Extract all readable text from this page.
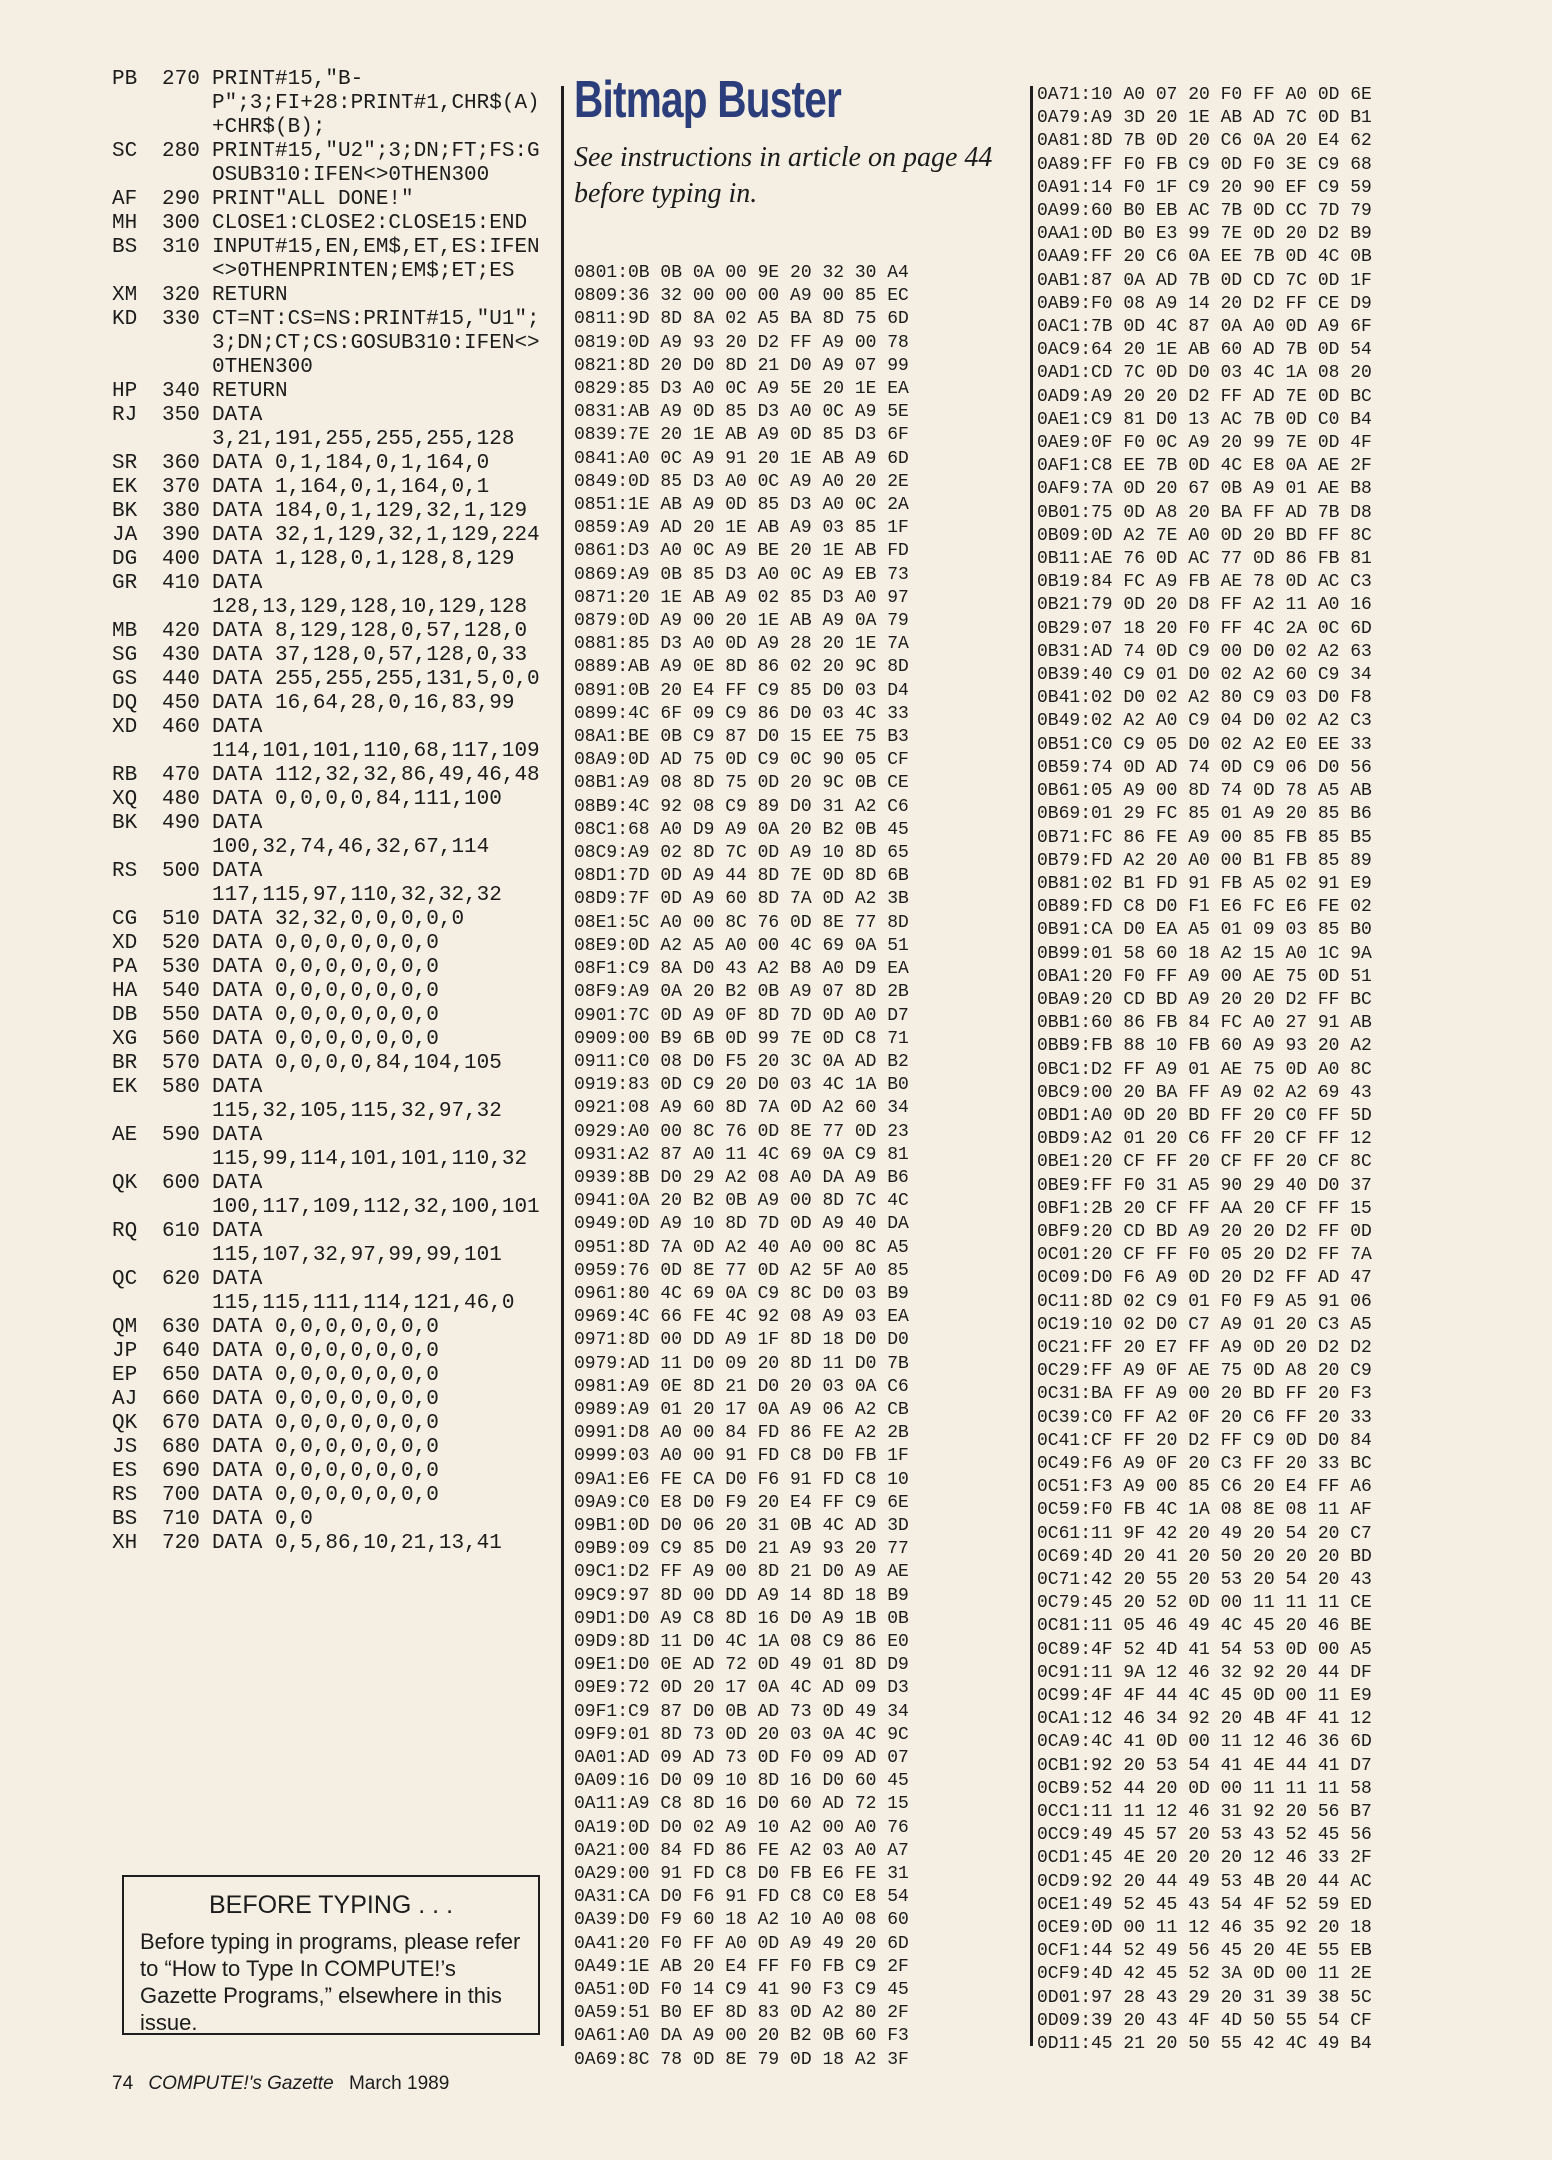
PB	270 PRINT#15,"B-P";3;FI+28:PRINT#1,CHR$(A)+CHR$(B);
SC	280 PRINT#15,"U2";3;DN;FT;FS:GOSUB310:IFEN<>0THEN300
AF	290 PRINT"ALL DONE!"
MH	300 CLOSE1:CLOSE2:CLOSE15:END
BS	310 INPUT#15,EN,EM$,ET,ES:IFEN<>0THENPRINTEN;EM$;ET;ES
XM	320 RETURN
KD	330 CT=NT:CS=NS:PRINT#15,"U1";3;DN;CT;CS:GOSUB310:IFEN<>0THEN300
HP	340 RETURN
RJ	350 DATA 3,21,191,255,255,255,128
SR	360 DATA 0,1,184,0,1,164,0
EK	370 DATA 1,164,0,1,164,0,1
BK	380 DATA 184,0,1,129,32,1,129
JA	390 DATA 32,1,129,32,1,129,224
DG	400 DATA 1,128,0,1,128,8,129
GR	410 DATA 128,13,129,128,10,129,128
MB	420 DATA 8,129,128,0,57,128,0
SG	430 DATA 37,128,0,57,128,0,33
GS	440 DATA 255,255,255,131,5,0,0
DQ	450 DATA 16,64,28,0,16,83,99
XD	460 DATA 114,101,101,110,68,117,109
RB	470 DATA 112,32,32,86,49,46,48
XQ	480 DATA 0,0,0,0,84,111,100
BK	490 DATA 100,32,74,46,32,67,114
RS	500 DATA 117,115,97,110,32,32,32
CG	510 DATA 32,32,0,0,0,0,0
XD	520 DATA 0,0,0,0,0,0,0
PA	530 DATA 0,0,0,0,0,0,0
HA	540 DATA 0,0,0,0,0,0,0
DB	550 DATA 0,0,0,0,0,0,0
XG	560 DATA 0,0,0,0,0,0,0
BR	570 DATA 0,0,0,0,84,104,105
EK	580 DATA 115,32,105,115,32,97,32
AE	590 DATA 115,99,114,101,101,110,32
QK	600 DATA 100,117,109,112,32,100,101
RQ	610 DATA 115,107,32,97,99,99,101
QC	620 DATA 115,115,111,114,121,46,0
QM	630 DATA 0,0,0,0,0,0,0
JP	640 DATA 0,0,0,0,0,0,0
EP	650 DATA 0,0,0,0,0,0,0
AJ	660 DATA 0,0,0,0,0,0,0
QK	670 DATA 0,0,0,0,0,0,0
JS	680 DATA 0,0,0,0,0,0,0
ES	690 DATA 0,0,0,0,0,0,0
RS	700 DATA 0,0,0,0,0,0,0
BS	710 DATA 0,0
XH	720 DATA 0,5,86,10,21,13,41
BEFORE TYPING . . .

Before typing in programs, please refer to “How to Type In COMPUTE!’s Gazette Programs,” elsewhere in this issue.

Bitmap Buster

See instructions in article on page 44 before typing in.

0801:0B 0B 0A 00 9E 20 32 30 A4
0809:36 32 00 00 00 A9 00 85 EC
0811:9D 8D 8A 02 A5 BA 8D 75 6D
0819:0D A9 93 20 D2 FF A9 00 78
0821:8D 20 D0 8D 21 D0 A9 07 99
0829:85 D3 A0 0C A9 5E 20 1E EA
0831:AB A9 0D 85 D3 A0 0C A9 5E
0839:7E 20 1E AB A9 0D 85 D3 6F
0841:A0 0C A9 91 20 1E AB A9 6D
0849:0D 85 D3 A0 0C A9 A0 20 2E
0851:1E AB A9 0D 85 D3 A0 0C 2A
0859:A9 AD 20 1E AB A9 03 85 1F
0861:D3 A0 0C A9 BE 20 1E AB FD
0869:A9 0B 85 D3 A0 0C A9 EB 73
0871:20 1E AB A9 02 85 D3 A0 97
0879:0D A9 00 20 1E AB A9 0A 79
0881:85 D3 A0 0D A9 28 20 1E 7A
0889:AB A9 0E 8D 86 02 20 9C 8D
0891:0B 20 E4 FF C9 85 D0 03 D4
0899:4C 6F 09 C9 86 D0 03 4C 33
08A1:BE 0B C9 87 D0 15 EE 75 B3
08A9:0D AD 75 0D C9 0C 90 05 CF
08B1:A9 08 8D 75 0D 20 9C 0B CE
08B9:4C 92 08 C9 89 D0 31 A2 C6
08C1:68 A0 D9 A9 0A 20 B2 0B 45
08C9:A9 02 8D 7C 0D A9 10 8D 65
08D1:7D 0D A9 44 8D 7E 0D 8D 6B
08D9:7F 0D A9 60 8D 7A 0D A2 3B
08E1:5C A0 00 8C 76 0D 8E 77 8D
08E9:0D A2 A5 A0 00 4C 69 0A 51
08F1:C9 8A D0 43 A2 B8 A0 D9 EA
08F9:A9 0A 20 B2 0B A9 07 8D 2B
0901:7C 0D A9 0F 8D 7D 0D A0 D7
0909:00 B9 6B 0D 99 7E 0D C8 71
0911:C0 08 D0 F5 20 3C 0A AD B2
0919:83 0D C9 20 D0 03 4C 1A B0
0921:08 A9 60 8D 7A 0D A2 60 34
0929:A0 00 8C 76 0D 8E 77 0D 23
0931:A2 87 A0 11 4C 69 0A C9 81
0939:8B D0 29 A2 08 A0 DA A9 B6
0941:0A 20 B2 0B A9 00 8D 7C 4C
0949:0D A9 10 8D 7D 0D A9 40 DA
0951:8D 7A 0D A2 40 A0 00 8C A5
0959:76 0D 8E 77 0D A2 5F A0 85
0961:80 4C 69 0A C9 8C D0 03 B9
0969:4C 66 FE 4C 92 08 A9 03 EA
0971:8D 00 DD A9 1F 8D 18 D0 D0
0979:AD 11 D0 09 20 8D 11 D0 7B
0981:A9 0E 8D 21 D0 20 03 0A C6
0989:A9 01 20 17 0A A9 06 A2 CB
0991:D8 A0 00 84 FD 86 FE A2 2B
0999:03 A0 00 91 FD C8 D0 FB 1F
09A1:E6 FE CA D0 F6 91 FD C8 10
09A9:C0 E8 D0 F9 20 E4 FF C9 6E
09B1:0D D0 06 20 31 0B 4C AD 3D
09B9:09 C9 85 D0 21 A9 93 20 77
09C1:D2 FF A9 00 8D 21 D0 A9 AE
09C9:97 8D 00 DD A9 14 8D 18 B9
09D1:D0 A9 C8 8D 16 D0 A9 1B 0B
09D9:8D 11 D0 4C 1A 08 C9 86 E0
09E1:D0 0E AD 72 0D 49 01 8D D9
09E9:72 0D 20 17 0A 4C AD 09 D3
09F1:C9 87 D0 0B AD 73 0D 49 34
09F9:01 8D 73 0D 20 03 0A 4C 9C
0A01:AD 09 AD 73 0D F0 09 AD 07
0A09:16 D0 09 10 8D 16 D0 60 45
0A11:A9 C8 8D 16 D0 60 AD 72 15
0A19:0D D0 02 A9 10 A2 00 A0 76
0A21:00 84 FD 86 FE A2 03 A0 A7
0A29:00 91 FD C8 D0 FB E6 FE 31
0A31:CA D0 F6 91 FD C8 C0 E8 54
0A39:D0 F9 60 18 A2 10 A0 08 60
0A41:20 F0 FF A0 0D A9 49 20 6D
0A49:1E AB 20 E4 FF F0 FB C9 2F
0A51:0D F0 14 C9 41 90 F3 C9 45
0A59:51 B0 EF 8D 83 0D A2 80 2F
0A61:A0 DA A9 00 20 B2 0B 60 F3
0A69:8C 78 0D 8E 79 0D 18 A2 3F
0A71:10 A0 07 20 F0 FF A0 0D 6E
0A79:A9 3D 20 1E AB AD 7C 0D B1
0A81:8D 7B 0D 20 C6 0A 20 E4 62
0A89:FF F0 FB C9 0D F0 3E C9 68
0A91:14 F0 1F C9 20 90 EF C9 59
0A99:60 B0 EB AC 7B 0D CC 7D 79
0AA1:0D B0 E3 99 7E 0D 20 D2 B9
0AA9:FF 20 C6 0A EE 7B 0D 4C 0B
0AB1:87 0A AD 7B 0D CD 7C 0D 1F
0AB9:F0 08 A9 14 20 D2 FF CE D9
0AC1:7B 0D 4C 87 0A A0 0D A9 6F
0AC9:64 20 1E AB 60 AD 7B 0D 54
0AD1:CD 7C 0D D0 03 4C 1A 08 20
0AD9:A9 20 20 D2 FF AD 7E 0D BC
0AE1:C9 81 D0 13 AC 7B 0D C0 B4
0AE9:0F F0 0C A9 20 99 7E 0D 4F
0AF1:C8 EE 7B 0D 4C E8 0A AE 2F
0AF9:7A 0D 20 67 0B A9 01 AE B8
0B01:75 0D A8 20 BA FF AD 7B D8
0B09:0D A2 7E A0 0D 20 BD FF 8C
0B11:AE 76 0D AC 77 0D 86 FB 81
0B19:84 FC A9 FB AE 78 0D AC C3
0B21:79 0D 20 D8 FF A2 11 A0 16
0B29:07 18 20 F0 FF 4C 2A 0C 6D
0B31:AD 74 0D C9 00 D0 02 A2 63
0B39:40 C9 01 D0 02 A2 60 C9 34
0B41:02 D0 02 A2 80 C9 03 D0 F8
0B49:02 A2 A0 C9 04 D0 02 A2 C3
0B51:C0 C9 05 D0 02 A2 E0 EE 33
0B59:74 0D AD 74 0D C9 06 D0 56
0B61:05 A9 00 8D 74 0D 78 A5 AB
0B69:01 29 FC 85 01 A9 20 85 B6
0B71:FC 86 FE A9 00 85 FB 85 B5
0B79:FD A2 20 A0 00 B1 FB 85 89
0B81:02 B1 FD 91 FB A5 02 91 E9
0B89:FD C8 D0 F1 E6 FC E6 FE 02
0B91:CA D0 EA A5 01 09 03 85 B0
0B99:01 58 60 18 A2 15 A0 1C 9A
0BA1:20 F0 FF A9 00 AE 75 0D 51
0BA9:20 CD BD A9 20 20 D2 FF BC
0BB1:60 86 FB 84 FC A0 27 91 AB
0BB9:FB 88 10 FB 60 A9 93 20 A2
0BC1:D2 FF A9 01 AE 75 0D A0 8C
0BC9:00 20 BA FF A9 02 A2 69 43
0BD1:A0 0D 20 BD FF 20 C0 FF 5D
0BD9:A2 01 20 C6 FF 20 CF FF 12
0BE1:20 CF FF 20 CF FF 20 CF 8C
0BE9:FF F0 31 A5 90 29 40 D0 37
0BF1:2B 20 CF FF AA 20 CF FF 15
0BF9:20 CD BD A9 20 20 D2 FF 0D
0C01:20 CF FF F0 05 20 D2 FF 7A
0C09:D0 F6 A9 0D 20 D2 FF AD 47
0C11:8D 02 C9 01 F0 F9 A5 91 06
0C19:10 02 D0 C7 A9 01 20 C3 A5
0C21:FF 20 E7 FF A9 0D 20 D2 D2
0C29:FF A9 0F AE 75 0D A8 20 C9
0C31:BA FF A9 00 20 BD FF 20 F3
0C39:C0 FF A2 0F 20 C6 FF 20 33
0C41:CF FF 20 D2 FF C9 0D D0 84
0C49:F6 A9 0F 20 C3 FF 20 33 BC
0C51:F3 A9 00 85 C6 20 E4 FF A6
0C59:F0 FB 4C 1A 08 8E 08 11 AF
0C61:11 9F 42 20 49 20 54 20 C7
0C69:4D 20 41 20 50 20 20 20 BD
0C71:42 20 55 20 53 20 54 20 43
0C79:45 20 52 0D 00 11 11 11 CE
0C81:11 05 46 49 4C 45 20 46 BE
0C89:4F 52 4D 41 54 53 0D 00 A5
0C91:11 9A 12 46 32 92 20 44 DF
0C99:4F 4F 44 4C 45 0D 00 11 E9
0CA1:12 46 34 92 20 4B 4F 41 12
0CA9:4C 41 0D 00 11 12 46 36 6D
0CB1:92 20 53 54 41 4E 44 41 D7
0CB9:52 44 20 0D 00 11 11 11 58
0CC1:11 11 12 46 31 92 20 56 B7
0CC9:49 45 57 20 53 43 52 45 56
0CD1:45 4E 20 20 20 12 46 33 2F
0CD9:92 20 44 49 53 4B 20 44 AC
0CE1:49 52 45 43 54 4F 52 59 ED
0CE9:0D 00 11 12 46 35 92 20 18
0CF1:44 52 49 56 45 20 4E 55 EB
0CF9:4D 42 45 52 3A 0D 00 11 2E
0D01:97 28 43 29 20 31 39 38 5C
0D09:39 20 43 4F 4D 50 55 54 CF
0D11:45 21 20 50 55 42 4C 49 B4
74 COMPUTE!'s Gazette March 1989
